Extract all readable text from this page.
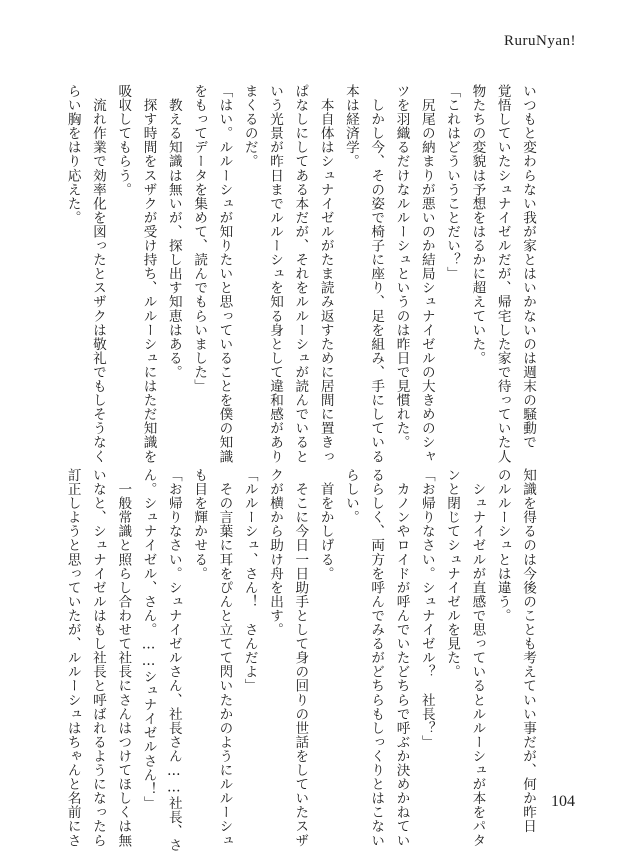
RuruNyan!

いつもと変わらない我が家とはいかないのは週末の騒動で

覚悟していたシュナイゼルだが、帰宅した家で待っていた人

物たちの変貌は予想をはるかに超えていた。

「これはどういうことだい？」

　尻尾の納まりが悪いのか結局シュナイゼルの大きめのシャ

ツを羽織るだけなルルーシュというのは昨日で見慣れた。

　しかし今、その姿で椅子に座り、足を組み、手にしている

本は経済学。

　本自体はシュナイゼルがたま読み返すために居間に置きっ

ぱなしにしてある本だが、それをルルーシュが読んでいると

いう光景が昨日までルルーシュを知る身として違和感があり

まくるのだ。

「はい。ルルーシュが知りたいと思っていることを僕の知識

をもってデータを集めて、読んでもらいました」

　教える知識は無いが、探し出す知恵はある。

　探す時間をスザクが受け持ち、ルルーシュにはただ知識を

吸収してもらう。

　流れ作業で効率化を図ったとスザクは敬礼でもしそうなく

らい胸をはり応えた。

知識を得るのは今後のことも考えていい事だが、何か昨日

のルルーシュとは違う。

　シュナイゼルが直感で思っているとルルーシュが本をパタ

ンと閉じてシュナイゼルを見た。

「お帰りなさい。シュナイゼル？　社長？」

　カノンやロイドが呼んでいたどちらで呼ぶか決めかねてい

るらしく、両方を呼んでみるがどちらもしっくりとはこない

らしい。

　首をかしげる。

　そこに今日一日助手として身の回りの世話をしていたスザ

クが横から助け舟を出す。

「ルルーシュ、さん！　さんだよ」

　その言葉に耳をぴんと立てて閃いたかのようにルルーシュ

も目を輝かせる。

「お帰りなさい。シュナイゼルさん、社長さん……社長、さ

ん。シュナイゼル、さん。……シュナイゼルさん！」

　一般常識と照らし合わせて社長にさんはつけてほしくは無

いなと、シュナイゼルはもし社長と呼ばれるようになったら

訂正しようと思っていたが、ルルーシュはちゃんと名前にさ	104
